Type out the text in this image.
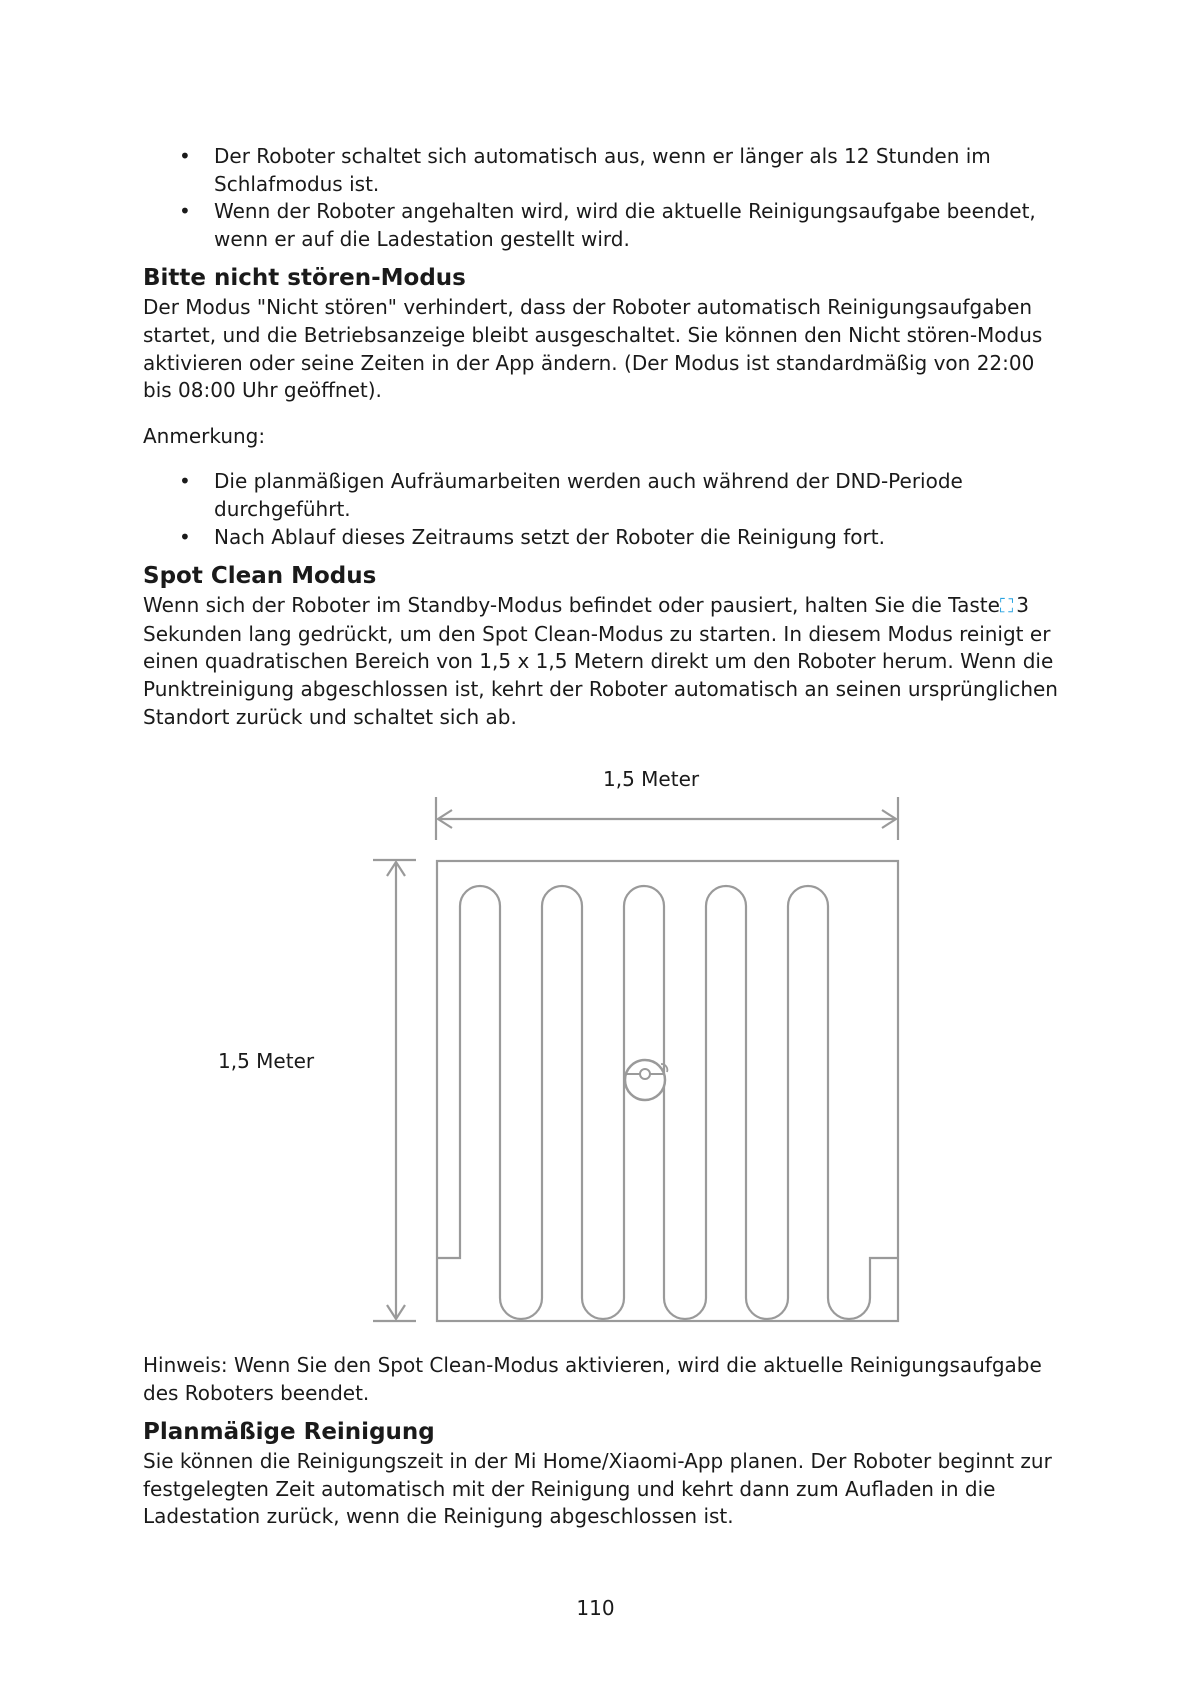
• Der Roboter schaltet sich automatisch aus, wenn er länger als 12 Stunden im Schlafmodus ist.
• Wenn der Roboter angehalten wird, wird die aktuelle Reinigungsaufgabe beendet, wenn er auf die Ladestation gestellt wird.
Bitte nicht stören-Modus

Der Modus "Nicht stören" verhindert, dass der Roboter automatisch Reinigungsaufgaben startet, und die Betriebsanzeige bleibt ausgeschaltet. Sie können den Nicht stören-Modus aktivieren oder seine Zeiten in der App ändern. (Der Modus ist standardmäßig von 22:00 bis 08:00 Uhr geöffnet).

Anmerkung:

• Die planmäßigen Aufräumarbeiten werden auch während der DND-Periode durchgeführt.
• Nach Ablauf dieses Zeitraums setzt der Roboter die Reinigung fort.
Spot Clean Modus

Wenn sich der Roboter im Standby-Modus befindet oder pausiert, halten Sie die Taste⛶ 3 Sekunden lang gedrückt, um den Spot Clean-Modus zu starten. In diesem Modus reinigt er einen quadratischen Bereich von 1,5 x 1,5 Metern direkt um den Roboter herum. Wenn die Punktreinigung abgeschlossen ist, kehrt der Roboter automatisch an seinen ursprünglichen Standort zurück und schaltet sich ab.

1,5 Meter
1,5 Meter

Hinweis: Wenn Sie den Spot Clean-Modus aktivieren, wird die aktuelle Reinigungsaufgabe des Roboters beendet.

Planmäßige Reinigung

Sie können die Reinigungszeit in der Mi Home/Xiaomi-App planen. Der Roboter beginnt zur festgelegten Zeit automatisch mit der Reinigung und kehrt dann zum Aufladen in die Ladestation zurück, wenn die Reinigung abgeschlossen ist.

110
